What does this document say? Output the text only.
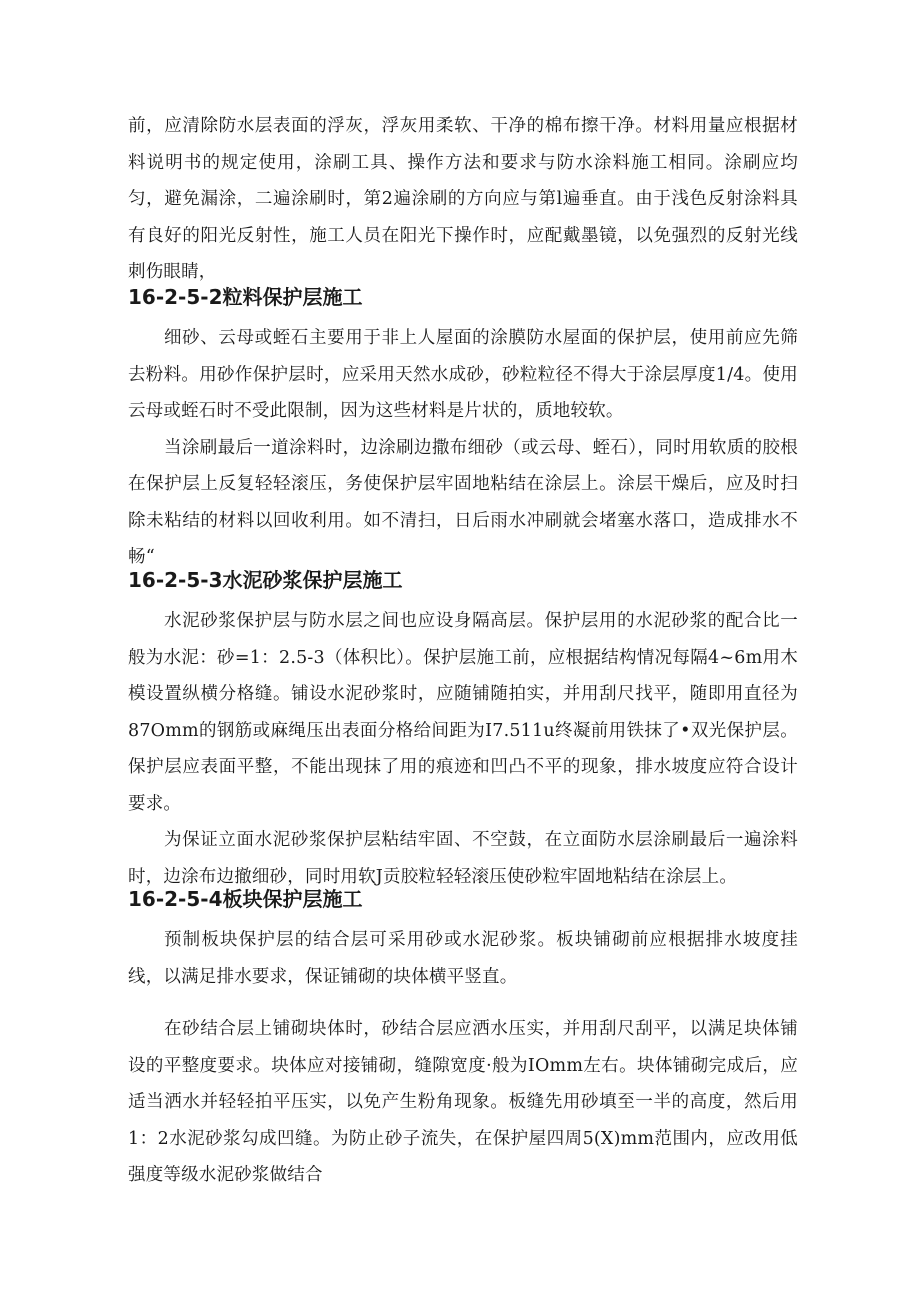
前，应清除防水层表面的浮灰，浮灰用柔软、干净的棉布擦干净。材料用量应根据材料说明书的规定使用，涂刷工具、操作方法和要求与防水涂料施工相同。涂刷应均匀，避免漏涂，二遍涂刷时，第2遍涂刷的方向应与第l遍垂直。由于浅色反射涂料具有良好的阳光反射性，施工人员在阳光下操作时，应配戴墨镜，以免强烈的反射光线刺伤眼睛，

16-2-5-2粒料保护层施工

细砂、云母或蛭石主要用于非上人屋面的涂膜防水屋面的保护层，使用前应先筛去粉料。用砂作保护层时，应采用天然水成砂，砂粒粒径不得大于涂层厚度1/4。使用云母或蛭石时不受此限制，因为这些材料是片状的，质地较软。

当涂刷最后一道涂料时，边涂刷边撒布细砂（或云母、蛭石），同时用软质的胶根在保护层上反复轻轻滚压，务使保护层牢固地粘结在涂层上。涂层干燥后，应及时扫除未粘结的材料以回收利用。如不清扫，日后雨水冲刷就会堵塞水落口，造成排水不畅“

16-2-5-3水泥砂浆保护层施工

水泥砂浆保护层与防水层之间也应设身隔高层。保护层用的水泥砂浆的配合比一般为水泥：砂=1：2.5-3（体积比）。保护层施工前，应根据结构情况每隔4~6m用木模设置纵横分格缝。铺设水泥砂浆时，应随铺随拍实，并用刮尺找平，随即用直径为87Omm的钢筋或麻绳压出表面分格给间距为I7.511u终凝前用铁抹了•双光保护层。保护层应表面平整，不能出现抹了用的痕迹和凹凸不平的现象，排水坡度应符合设计要求。

为保证立面水泥砂浆保护层粘结牢固、不空鼓，在立面防水层涂刷最后一遍涂料时，边涂布边撤细砂，同时用软J贡胶粒轻轻滚压使砂粒牢固地粘结在涂层上。

16-2-5-4板块保护层施工

预制板块保护层的结合层可采用砂或水泥砂浆。板块铺砌前应根据排水坡度挂线，以满足排水要求，保证铺砌的块体横平竖直。

在砂结合层上铺砌块体时，砂结合层应洒水压实，并用刮尺刮平，以满足块体铺设的平整度要求。块体应对接铺砌，缝隙宽度·般为IOmm左右。块体铺砌完成后，应适当洒水并轻轻拍平压实，以免产生粉角现象。板缝先用砂填至一半的高度，然后用1：2水泥砂浆勾成凹缝。为防止砂子流失，在保护屋四周5(X)mm范围内，应改用低强度等级水泥砂浆做结合
